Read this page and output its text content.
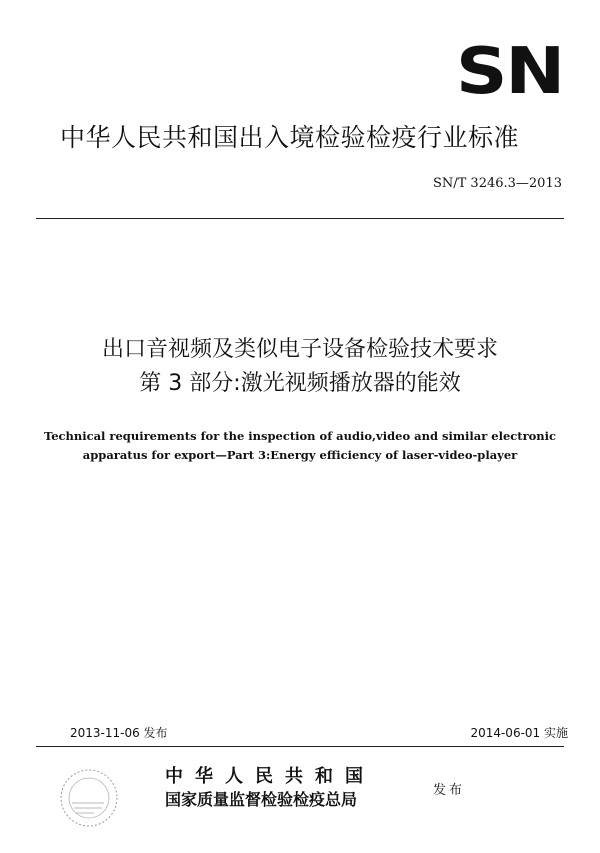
SN
中华人民共和国出入境检验检疫行业标准
SN/T 3246.3—2013
出口音视频及类似电子设备检验技术要求
第 3 部分:激光视频播放器的能效
Technical requirements for the inspection of audio,video and similar electronic
apparatus for export—Part 3:Energy efficiency of laser-video-player
2013-11-06 发布	2014-06-01 实施
中华人民共和国
国家质量监督检验检疫总局	发布
